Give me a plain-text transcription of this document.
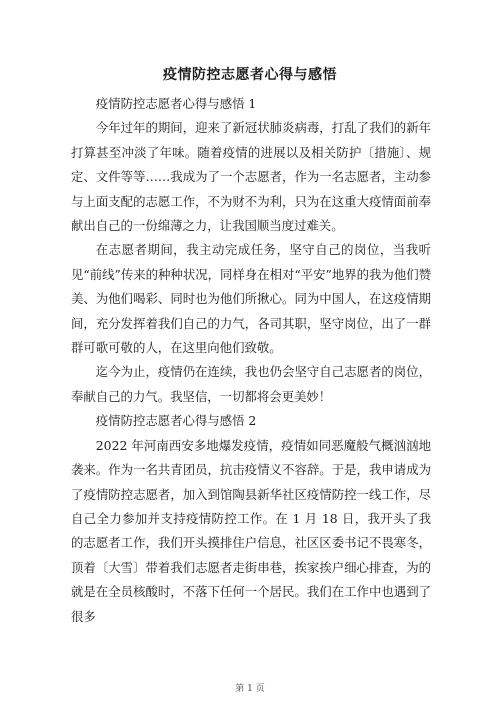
疫情防控志愿者心得与感悟

疫情防控志愿者心得与感悟 1

今年过年的期间，迎来了新冠状肺炎病毒，打乱了我们的新年打算甚至冲淡了年味。随着疫情的进展以及相关防护〔措施〕、规定、文件等等……我成为了一个志愿者，作为一名志愿者，主动参与上面支配的志愿工作，不为财不为利，只为在这重大疫情面前奉献出自己的一份绵薄之力，让我国顺当度过难关。

在志愿者期间，我主动完成任务，坚守自己的岗位，当我听见“前线”传来的种种状况，同样身在相对“平安”地界的我为他们赞美、为他们喝彩、同时也为他们所揪心。同为中国人，在这疫情期间，充分发挥着我们自己的力气，各司其职，坚守岗位，出了一群群可歌可敬的人，在这里向他们致敬。

迄今为止，疫情仍在连续，我也仍会坚守自己志愿者的岗位，奉献自己的力气。我坚信，一切都将会更美妙！

疫情防控志愿者心得与感悟 2

2022 年河南西安多地爆发疫情，疫情如同恶魔般气概汹汹地袭来。作为一名共青团员，抗击疫情义不容辞。于是，我申请成为了疫情防控志愿者，加入到馆陶县新华社区疫情防控一线工作，尽自己全力参加并支持疫情防控工作。在 1 月 18 日，我开头了我的志愿者工作，我们开头摸排住户信息，社区区委书记不畏寒冬，顶着〔大雪〕带着我们志愿者走街串巷，挨家挨户细心排查，为的就是在全员核酸时，不落下任何一个居民。我们在工作中也遇到了很多

第 1 页
